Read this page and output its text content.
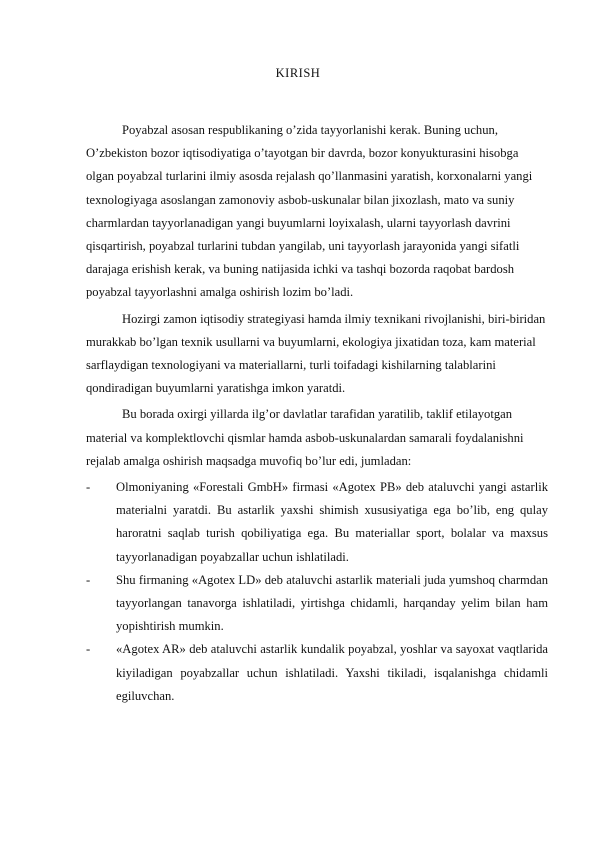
KIRISH

Poyabzal asosan respublikaning o’zida tayyorlanishi kerak. Buning uchun, O’zbekiston bozor iqtisodiyatiga o’tayotgan bir davrda, bozor konyukturasini hisobga olgan poyabzal turlarini ilmiy asosda rejalash qo’llanmasini yaratish, korxonalarni yangi texnologiyaga asoslangan zamonoviy asbob-uskunalar bilan jixozlash, mato va suniy charmlardan tayyorlanadigan yangi buyumlarni loyixalash, ularni tayyorlash davrini qisqartirish, poyabzal turlarini tubdan yangilab, uni tayyorlash jarayonida yangi sifatli darajaga erishish kerak, va buning natijasida ichki va tashqi bozorda raqobat bardosh poyabzal tayyorlashni amalga oshirish lozim bo’ladi.

Hozirgi zamon iqtisodiy strategiyasi hamda ilmiy texnikani rivojlanishi, biri-biridan murakkab bo’lgan texnik usullarni va buyumlarni, ekologiya jixatidan toza, kam material sarflaydigan texnologiyani va materiallarni, turli toifadagi kishilarning talablarini qondiradigan buyumlarni yaratishga imkon yaratdi.

Bu borada oxirgi yillarda ilg’or davlatlar tarafidan yaratilib, taklif etilayotgan material va komplektlovchi qismlar hamda asbob-uskunalardan samarali foydalanishni rejalab amalga oshirish maqsadga muvofiq bo’lur edi, jumladan:

- Olmoniyaning «Forestali GmbH» firmasi «Agotex PB» deb ataluvchi yangi astarlik materialni yaratdi. Bu astarlik yaxshi shimish xususiyatiga ega bo’lib, eng qulay haroratni saqlab turish qobiliyatiga ega. Bu materiallar sport, bolalar va maxsus tayyorlanadigan poyabzallar uchun ishlatiladi.
- Shu firmaning «Agotex LD» deb ataluvchi astarlik materiali juda yumshoq charmdan tayyorlangan tanavorga ishlatiladi, yirtishga chidamli, harqanday yelim bilan ham yopishtirish mumkin.
- «Agotex AR» deb ataluvchi astarlik kundalik poyabzal, yoshlar va sayoxat vaqtlarida kiyiladigan poyabzallar uchun ishlatiladi. Yaxshi tikiladi, isqalanishga chidamli egiluvchan.
